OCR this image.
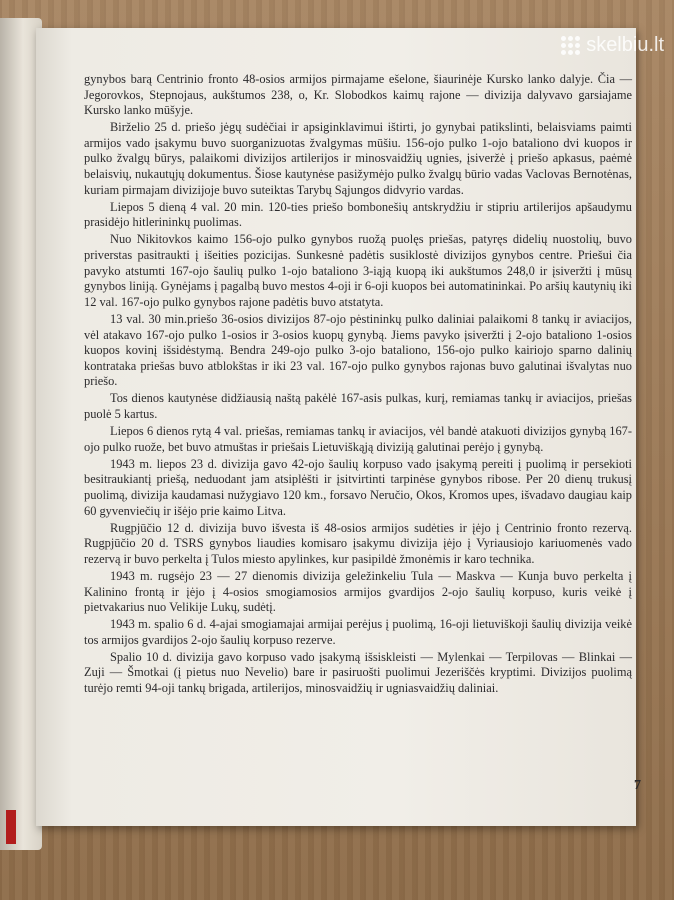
gynybos barą Centrinio fronto 48-osios armijos pirmajame ešelone, šiaurinėje Kursko lanko dalyje. Čia — Jegorovkos, Stepnojaus, aukštumos 238, o, Kr. Slobodkos kaimų rajone — divizija dalyvavo garsiajame Kursko lanko mūšyje.

Birželio 25 d. priešo jėgų sudėčiai ir apsiginklavimui ištirti, jo gynybai patikslinti, belaisviams paimti armijos vado įsakymu buvo suorganizuotas žvalgymas mūšiu. 156-ojo pulko 1-ojo bataliono dvi kuopos ir pulko žvalgų būrys, palaikomi divizijos artilerijos ir minosvaidžių ugnies, įsiveržė į priešo apkasus, paėmė belaisvių, nukautųjų dokumentus. Šiose kautynėse pasižymėjo pulko žvalgų būrio vadas Vaclovas Bernotėnas, kuriam pirmajam divizijoje buvo suteiktas Tarybų Sąjungos didvyrio vardas.

Liepos 5 dieną 4 val. 20 min. 120-ties priešo bombonešių antskrydžiu ir stipriu artilerijos apšaudymu prasidėjo hitlerininkų puolimas.

Nuo Nikitovkos kaimo 156-ojo pulko gynybos ruožą puolęs priešas, patyręs didelių nuostolių, buvo priverstas pasitraukti į išeities pozicijas. Sunkesnė padėtis susiklostė divizijos gynybos centre. Priešui čia pavyko atstumti 167-ojo šaulių pulko 1-ojo bataliono 3-iąją kuopą iki aukštumos 248,0 ir įsiveržti į mūsų gynybos liniją. Gynėjams į pagalbą buvo mestos 4-oji ir 6-oji kuopos bei automatininkai. Po aršių kautynių iki 12 val. 167-ojo pulko gynybos rajone padėtis buvo atstatyta.

13 val. 30 min.priešo 36-osios divizijos 87-ojo pėstininkų pulko daliniai palaikomi 8 tankų ir aviacijos, vėl atakavo 167-ojo pulko 1-osios ir 3-osios kuopų gynybą. Jiems pavyko įsiveržti į 2-ojo bataliono 1-osios kuopos kovinį išsidėstymą. Bendra 249-ojo pulko 3-ojo bataliono, 156-ojo pulko kairiojo sparno dalinių kontrataka priešas buvo atblokštas ir iki 23 val. 167-ojo pulko gynybos rajonas buvo galutinai išvalytas nuo priešo.

Tos dienos kautynėse didžiausią naštą pakėlė 167-asis pulkas, kurį, remiamas tankų ir aviacijos, priešas puolė 5 kartus.

Liepos 6 dienos rytą 4 val. priešas, remiamas tankų ir aviacijos, vėl bandė atakuoti divizijos gynybą 167-ojo pulko ruože, bet buvo atmuštas ir priešais Lietuviškąją diviziją galutinai perėjo į gynybą.

1943 m. liepos 23 d. divizija gavo 42-ojo šaulių korpuso vado įsakymą pereiti į puolimą ir persekioti besitraukiantį priešą, neduodant jam atsiplėšti ir įsitvirtinti tarpinėse gynybos ribose. Per 20 dienų trukusį puolimą, divizija kaudamasi nužygiavo 120 km., forsavo Neručio, Okos, Kromos upes, išvadavo daugiau kaip 60 gyvenviečių ir išėjo prie kaimo Litva.

Rugpjūčio 12 d. divizija buvo išvesta iš 48-osios armijos sudėties ir įėjo į Centrinio fronto rezervą. Rugpjūčio 20 d. TSRS gynybos liaudies komisaro įsakymu divizija įėjo į Vyriausiojo kariuomenės vado rezervą ir buvo perkelta į Tulos miesto apylinkes, kur pasipildė žmonėmis ir karo technika.

1943 m. rugsėjo 23 — 27 dienomis divizija geležinkeliu Tula — Maskva — Kunja buvo perkelta į Kalinino frontą ir įėjo į 4-osios smogiamosios armijos gvardijos 2-ojo šaulių korpuso, kuris veikė į pietvakarius nuo Velikije Lukų, sudėtį.

1943 m. spalio 6 d. 4-ajai smogiamajai armijai perėjus į puolimą, 16-oji lietuviškoji šaulių divizija veikė tos armijos gvardijos 2-ojo šaulių korpuso rezerve.

Spalio 10 d. divizija gavo korpuso vado įsakymą išsiskleisti — Mylenkai — Terpilovas — Blinkai — Zuji — Šmotkai (į pietus nuo Nevelio) bare ir pasiruošti puolimui Jezeriščės kryptimi. Divizijos puolimą turėjo remti 94-oji tankų brigada, artilerijos, minosvaidžių ir ugniasvaidžių daliniai.

7
skelbiu.lt
